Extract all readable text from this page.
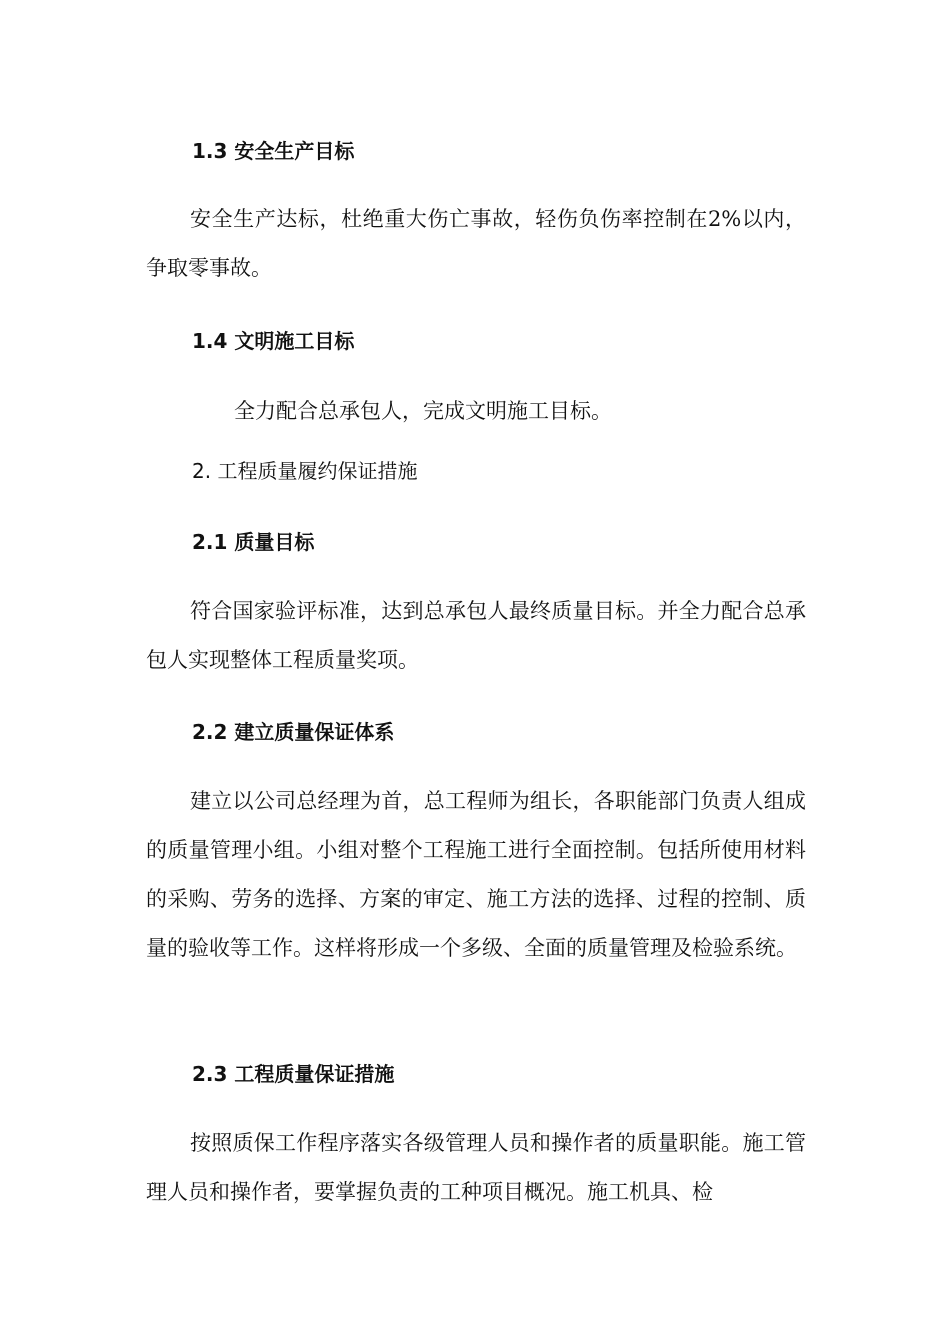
1.3 安全生产目标

安全生产达标，杜绝重大伤亡事故，轻伤负伤率控制在2%以内，争取零事故。

1.4 文明施工目标

全力配合总承包人，完成文明施工目标。

2. 工程质量履约保证措施
2.1 质量目标

符合国家验评标准，达到总承包人最终质量目标。并全力配合总承包人实现整体工程质量奖项。

2.2 建立质量保证体系

建立以公司总经理为首，总工程师为组长，各职能部门负责人组成的质量管理小组。小组对整个工程施工进行全面控制。包括所使用材料的采购、劳务的选择、方案的审定、施工方法的选择、过程的控制、质量的验收等工作。这样将形成一个多级、全面的质量管理及检验系统。

2.3 工程质量保证措施

按照质保工作程序落实各级管理人员和操作者的质量职能。施工管理人员和操作者，要掌握负责的工种项目概况。施工机具、检
